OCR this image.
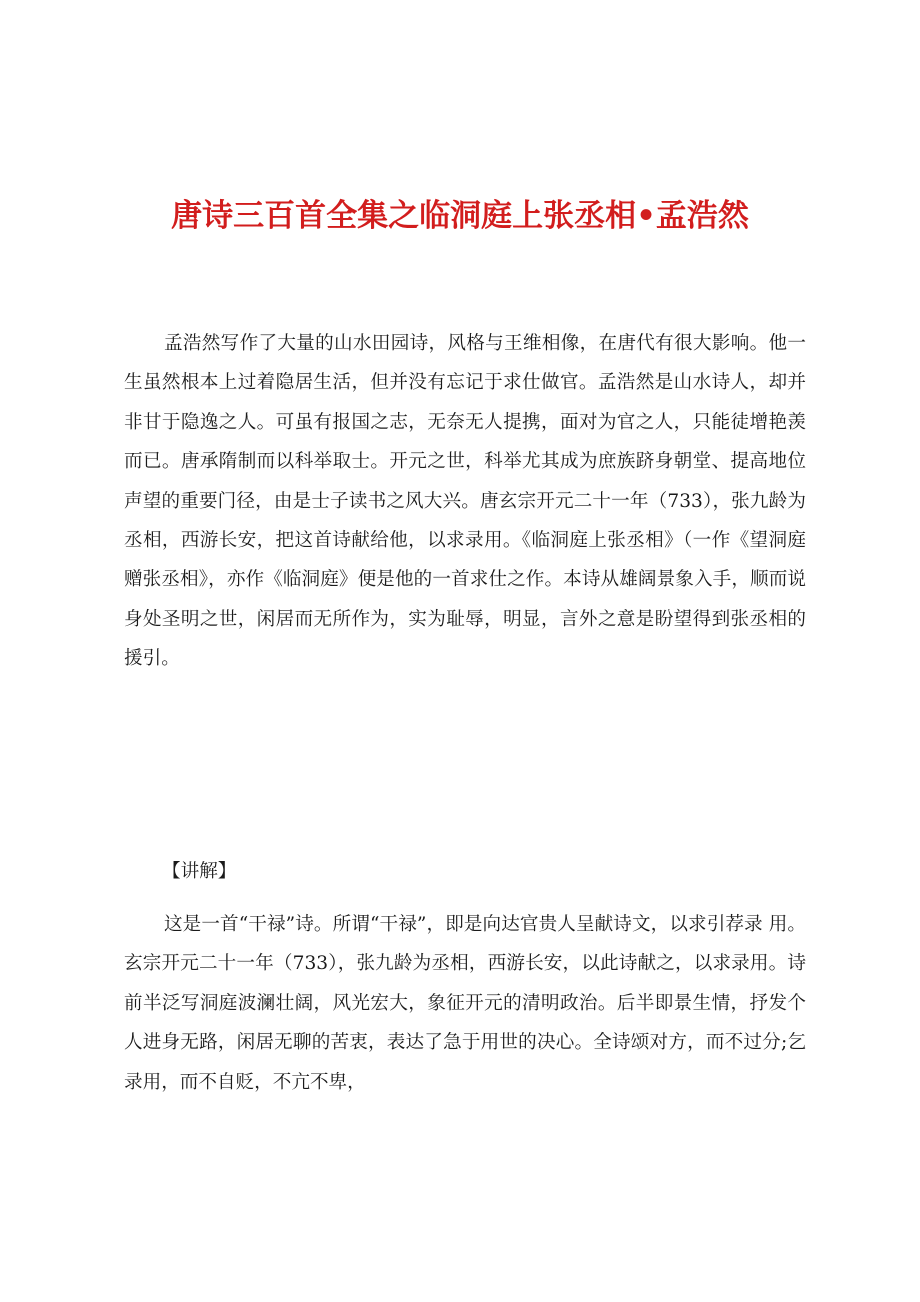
唐诗三百首全集之临洞庭上张丞相•孟浩然

孟浩然写作了大量的山水田园诗，风格与王维相像，在唐代有很大影响。他一生虽然根本上过着隐居生活，但并没有忘记于求仕做官。孟浩然是山水诗人，却并非甘于隐逸之人。可虽有报国之志，无奈无人提携，面对为官之人，只能徒增艳羡而已。唐承隋制而以科举取士。开元之世，科举尤其成为庶族跻身朝堂、提高地位声望的重要门径，由是士子读书之风大兴。唐玄宗开元二十一年（733），张九龄为丞相，西游长安，把这首诗献给他，以求录用。《临洞庭上张丞相》（一作《望洞庭赠张丞相》，亦作《临洞庭》便是他的一首求仕之作。本诗从雄阔景象入手，顺而说身处圣明之世，闲居而无所作为，实为耻辱，明显，言外之意是盼望得到张丞相的援引。

【讲解】

这是一首“干禄”诗。所谓“干禄”，即是向达官贵人呈献诗文，以求引荐录 用。玄宗开元二十一年（733），张九龄为丞相，西游长安，以此诗献之，以求录用。诗前半泛写洞庭波澜壮阔，风光宏大，象征开元的清明政治。后半即景生情，抒发个人进身无路，闲居无聊的苦衷，表达了急于用世的决心。全诗颂对方，而不过分;乞录用，而不自贬，不亢不卑，
